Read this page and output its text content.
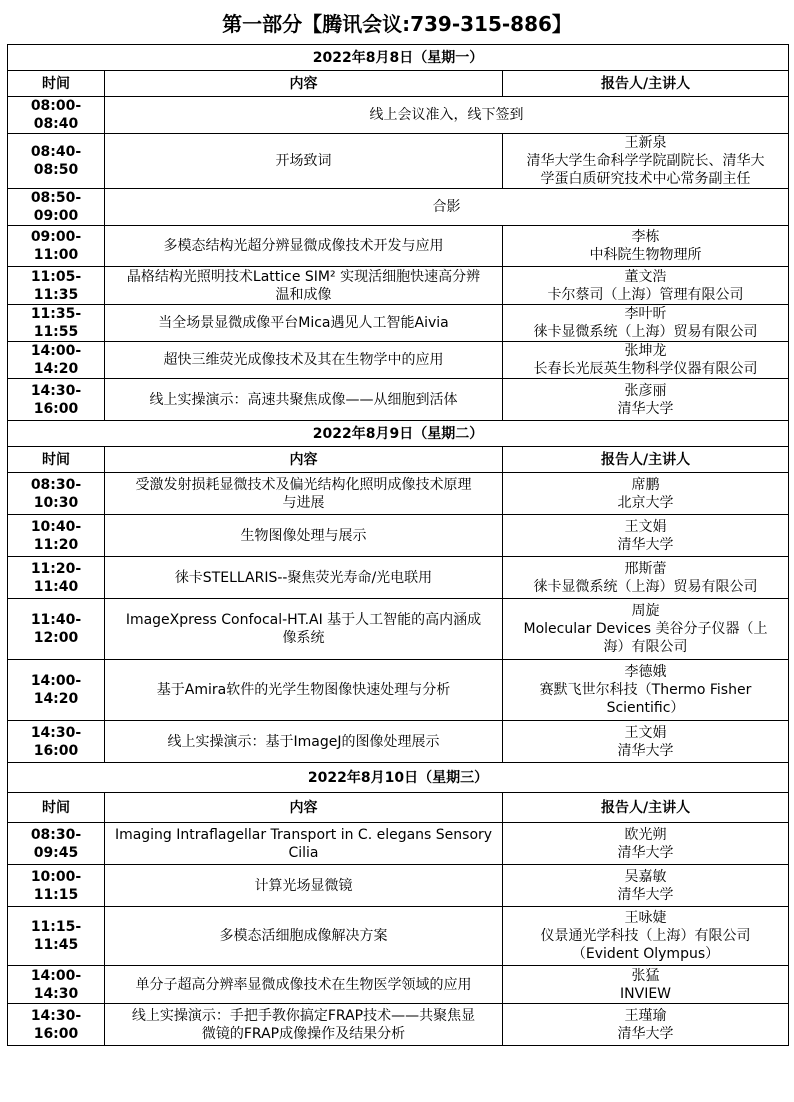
第一部分【腾讯会议:739-315-886】
2022年8月8日（星期一）		
时间	内容	报告人/主讲人
08:00-08:40	线上会议准入，线下签到	

08:40-08:50	开场致词	王新泉
清华大学生命科学学院副院长、清华大
学蛋白质研究技术中心常务副主任

08:50-09:00	合影	

09:00-11:00	多模态结构光超分辨显微成像技术开发与应用	李栋
中科院生物物理所

11:05-11:35	晶格结构光照明技术Lattice SIM² 实现活细胞快速高分辨
温和成像	董文浩
卡尔蔡司（上海）管理有限公司

11:35-11:55	当全场景显微成像平台Mica遇见人工智能Aivia	李叶昕
徕卡显微系统（上海）贸易有限公司

14:00-14:20	超快三维荧光成像技术及其在生物学中的应用	张坤龙
长春长光辰英生物科学仪器有限公司

14:30-16:00	线上实操演示：高速共聚焦成像——从细胞到活体	张彦丽
清华大学

2022年8月9日（星期二）		
时间	内容	报告人/主讲人
08:30-10:30	受激发射损耗显微技术及偏光结构化照明成像技术原理
与进展	席鹏
北京大学

10:40-11:20	生物图像处理与展示	王文娟
清华大学

11:20-11:40	徕卡STELLARIS--聚焦荧光寿命/光电联用	邢斯蕾
徕卡显微系统（上海）贸易有限公司

11:40-12:00	ImageXpress Confocal-HT.AI 基于人工智能的高内涵成
像系统	周旋
Molecular Devices 美谷分子仪器（上
海）有限公司

14:00-14:20	基于Amira软件的光学生物图像快速处理与分析	李德娥
赛默飞世尔科技（Thermo Fisher
Scientific）

14:30-16:00	线上实操演示：基于ImageJ的图像处理展示	王文娟
清华大学

2022年8月10日（星期三）		
时间	内容	报告人/主讲人
08:30-09:45	Imaging Intraflagellar Transport in C. elegans Sensory
Cilia	欧光朔
清华大学

10:00-11:15	计算光场显微镜	吴嘉敏
清华大学

11:15-11:45	多模态活细胞成像解决方案	王咏婕
仪景通光学科技（上海）有限公司
（Evident Olympus）

14:00-14:30	单分子超高分辨率显微成像技术在生物医学领域的应用	张猛
INVIEW

14:30-16:00	线上实操演示：手把手教你搞定FRAP技术——共聚焦显
微镜的FRAP成像操作及结果分析	王瑾瑜
清华大学
